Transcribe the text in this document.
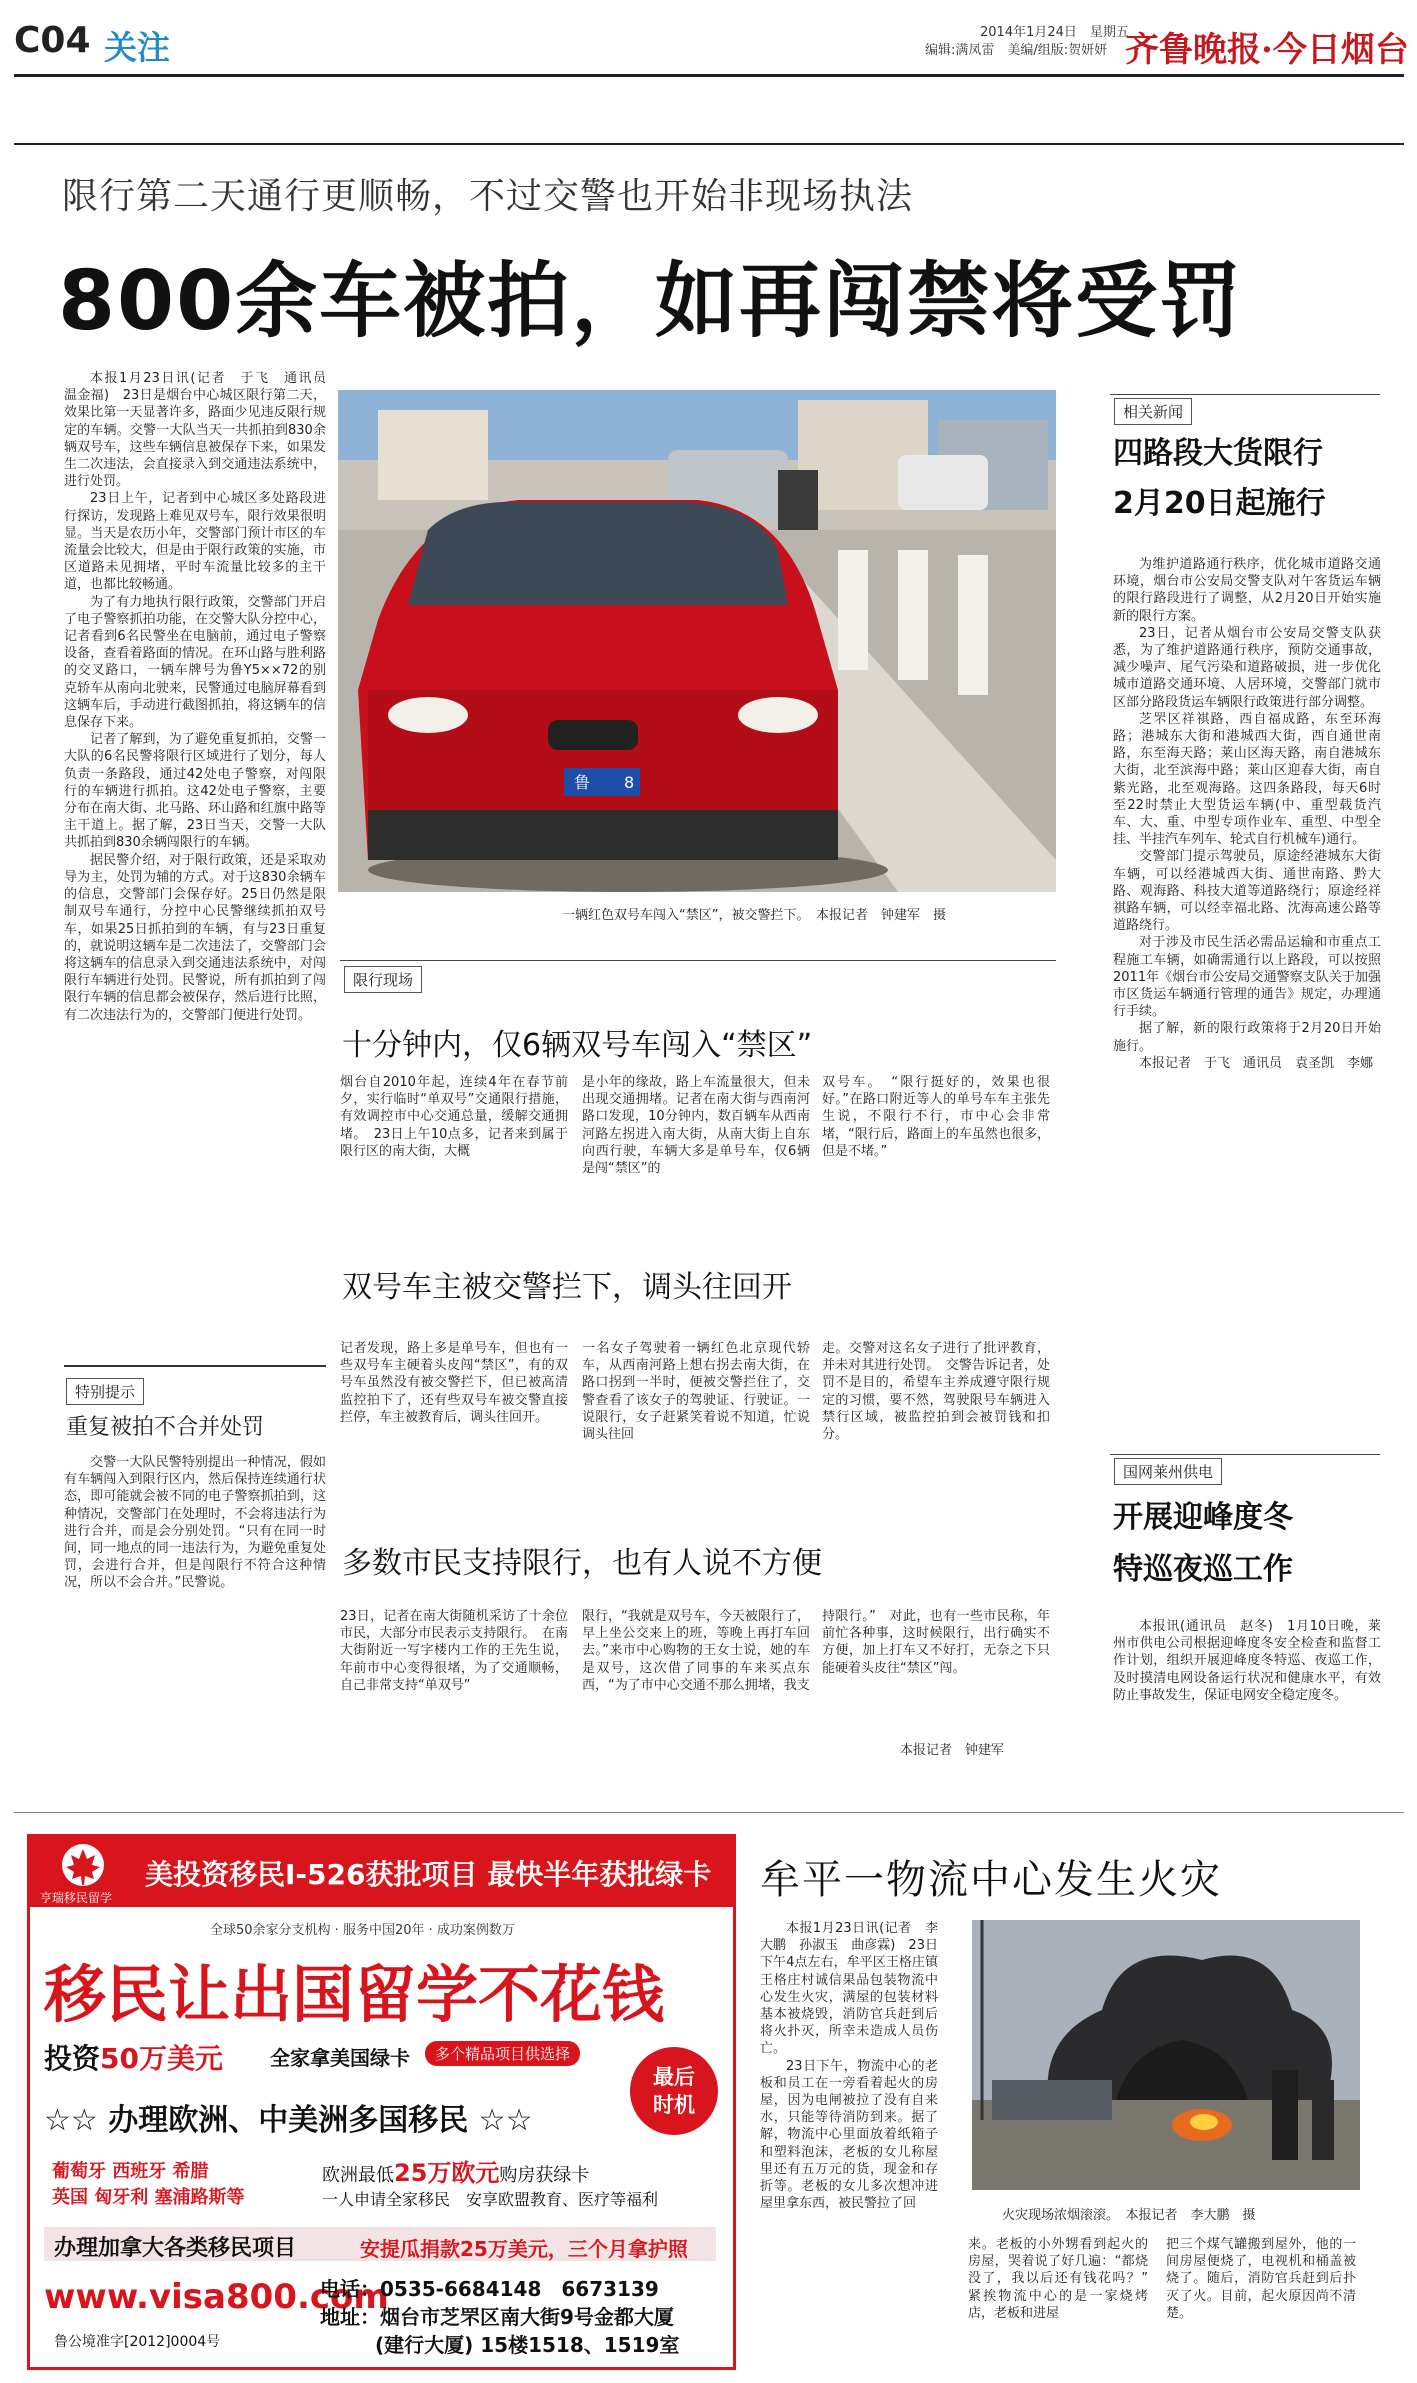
C04 关注	2014年1月24日　星期五
编辑:满凤雷　美编/组版:贺妍妍 齐鲁晚报·今日烟台
限行第二天通行更顺畅，不过交警也开始非现场执法
800余车被拍，如再闯禁将受罚

本报1月23日讯(记者　于飞　通讯员　温金福)　23日是烟台中心城区限行第二天，效果比第一天显著许多，路面少见违反限行规定的车辆。交警一大队当天一共抓拍到830余辆双号车，这些车辆信息被保存下来，如果发生二次违法，会直接录入到交通违法系统中，进行处罚。

23日上午，记者到中心城区多处路段进行探访，发现路上难见双号车，限行效果很明显。当天是农历小年，交警部门预计市区的车流量会比较大，但是由于限行政策的实施，市区道路未见拥堵，平时车流量比较多的主干道，也都比较畅通。

为了有力地执行限行政策，交警部门开启了电子警察抓拍功能，在交警大队分控中心，记者看到6名民警坐在电脑前，通过电子警察设备，查看着路面的情况。在环山路与胜利路的交叉路口，一辆车牌号为鲁Y5××72的别克轿车从南向北驶来，民警通过电脑屏幕看到这辆车后，手动进行截图抓拍，将这辆车的信息保存下来。

记者了解到，为了避免重复抓拍，交警一大队的6名民警将限行区域进行了划分，每人负责一条路段，通过42处电子警察，对闯限行的车辆进行抓拍。这42处电子警察，主要分布在南大街、北马路、环山路和红旗中路等主干道上。据了解，23日当天，交警一大队共抓拍到830余辆闯限行的车辆。

据民警介绍，对于限行政策，还是采取劝导为主，处罚为辅的方式。对于这830余辆车的信息，交警部门会保存好。25日仍然是限制双号车通行，分控中心民警继续抓拍双号车，如果25日抓拍到的车辆，有与23日重复的，就说明这辆车是二次违法了，交警部门会将这辆车的信息录入到交通违法系统中，对闯限行车辆进行处罚。民警说，所有抓拍到了闯限行车辆的信息都会被保存，然后进行比照，有二次违法行为的，交警部门便进行处罚。

特别提示
重复被拍不合并处罚

交警一大队民警特别提出一种情况，假如有车辆闯入到限行区内，然后保持连续通行状态，即可能就会被不同的电子警察抓拍到，这种情况，交警部门在处理时，不会将违法行为进行合并，而是会分别处罚。“只有在同一时间，同一地点的同一违法行为，为避免重复处罚，会进行合并，但是闯限行不符合这种情况，所以不会合并。”民警说。

鲁 8
一辆红色双号车闯入“禁区”，被交警拦下。　本报记者　钟建军　摄
限行现场
十分钟内，仅6辆双号车闯入“禁区”
烟台自2010年起，连续4年在春节前夕，实行临时“单双号”交通限行措施，有效调控市中心交通总量，缓解交通拥堵。　23日上午10点多，记者来到属于限行区的南大街，大概
是小年的缘故，路上车流量很大，但未出现交通拥堵。记者在南大街与西南河路口发现，10分钟内，数百辆车从西南河路左拐进入南大街，从南大街上自东向西行驶，车辆大多是单号车，仅6辆是闯“禁区”的
双号车。　“限行挺好的，效果也很好。”在路口附近等人的单号车车主张先生说，不限行不行，市中心会非常堵，“限行后，路面上的车虽然也很多，但是不堵。”
双号车主被交警拦下，调头往回开
记者发现，路上多是单号车，但也有一些双号车主硬着头皮闯“禁区”，有的双号车虽然没有被交警拦下，但已被高清监控拍下了，还有些双号车被交警直接拦停，车主被教育后，调头往回开。
一名女子驾驶着一辆红色北京现代轿车，从西南河路上想右拐去南大街，在路口拐到一半时，便被交警拦住了，交警查看了该女子的驾驶证、行驶证。一说限行，女子赶紧笑着说不知道，忙说调头往回
走。交警对这名女子进行了批评教育，并未对其进行处罚。　交警告诉记者，处罚不是目的，希望车主养成遵守限行规定的习惯，要不然，驾驶限号车辆进入禁行区域，被监控拍到会被罚钱和扣分。
多数市民支持限行，也有人说不方便
23日，记者在南大街随机采访了十余位市民，大部分市民表示支持限行。　在南大街附近一写字楼内工作的王先生说，年前市中心变得很堵，为了交通顺畅，自己非常支持“单双号”
限行，“我就是双号车，今天被限行了，早上坐公交来上的班，等晚上再打车回去。”来市中心购物的王女士说，她的车是双号，这次借了同事的车来买点东西，“为了市中心交通不那么拥堵，我支
持限行。”　对此，也有一些市民称，年前忙各种事，这时候限行，出行确实不方便，加上打车又不好打，无奈之下只能硬着头皮往“禁区”闯。
本报记者　钟建军
相关新闻
四路段大货限行
2月20日起施行

为维护道路通行秩序，优化城市道路交通环境，烟台市公安局交警支队对午客货运车辆的限行路段进行了调整，从2月20日开始实施新的限行方案。

23日，记者从烟台市公安局交警支队获悉，为了维护道路通行秩序，预防交通事故，减少噪声、尾气污染和道路破损，进一步优化城市道路交通环境、人居环境，交警部门就市区部分路段货运车辆限行政策进行部分调整。

芝罘区祥祺路，西自福成路，东至环海路；港城东大街和港城西大街，西自通世南路，东至海天路；莱山区海天路，南自港城东大街，北至滨海中路；莱山区迎春大街，南自紫光路，北至观海路。这四条路段，每天6时至22时禁止大型货运车辆(中、重型载货汽车、大、重、中型专项作业车、重型、中型全挂、半挂汽车列车、轮式自行机械车)通行。

交警部门提示驾驶员，原途经港城东大街车辆，可以经港城西大街、通世南路、黔大路、观海路、科技大道等道路绕行；原途经祥祺路车辆，可以经幸福北路、沈海高速公路等道路绕行。

对于涉及市民生活必需品运输和市重点工程施工车辆，如确需通行以上路段，可以按照2011年《烟台市公安局交通警察支队关于加强市区货运车辆通行管理的通告》规定，办理通行手续。

据了解，新的限行政策将于2月20日开始施行。

本报记者　于飞　通讯员　袁圣凯　李娜

国网莱州供电
开展迎峰度冬
特巡夜巡工作

本报讯(通讯员　赵冬)　1月10日晚，莱州市供电公司根据迎峰度冬安全检查和监督工作计划，组织开展迎峰度冬特巡、夜巡工作，及时摸清电网设备运行状况和健康水平，有效防止事故发生，保证电网安全稳定度冬。

亨瑞移民留学
美投资移民I-526获批项目 最快半年获批绿卡
全球50余家分支机构 · 服务中国20年 · 成功案例数万
移民让出国留学不花钱
投资50万美元 全家拿美国绿卡	多个精品项目供选择
最后
时机
☆☆ 办理欧洲、中美洲多国移民 ☆☆
葡萄牙 西班牙 希腊
英国 匈牙利 塞浦路斯等
欧洲最低25万欧元购房获绿卡
一人申请全家移民　安享欧盟教育、医疗等福利
办理加拿大各类移民项目	安提瓜捐款25万美元，三个月拿护照
www.visa800.com
鲁公境准字[2012]0004号
电话：0535-6684148　6673139
地址：烟台市芝罘区南大街9号金都大厦
(建行大厦) 15楼1518、1519室
牟平一物流中心发生火灾

本报1月23日讯(记者　李大鹏　孙淑玉　曲彦霖)　23日下午4点左右，牟平区王格庄镇王格庄村诚信果品包装物流中心发生火灾，满屋的包装材料基本被烧毁，消防官兵赶到后将火扑灭，所幸未造成人员伤亡。

23日下午，物流中心的老板和员工在一旁看着起火的房屋，因为电闸被拉了没有自来水，只能等待消防到来。据了解，物流中心里面放着纸箱子和塑料泡沫，老板的女儿称屋里还有五万元的货，现金和存折等。老板的女儿多次想冲进屋里拿东西，被民警拉了回

火灾现场浓烟滚滚。　本报记者　李大鹏　摄
来。老板的小外甥看到起火的房屋，哭着说了好几遍：“都烧没了，我以后还有钱花吗？”　紧挨物流中心的是一家烧烤店，老板和进屋
把三个煤气罐搬到屋外，他的一间房屋便烧了，电视机和桶盖被烧了。随后，消防官兵赶到后扑灭了火。目前，起火原因尚不清楚。
